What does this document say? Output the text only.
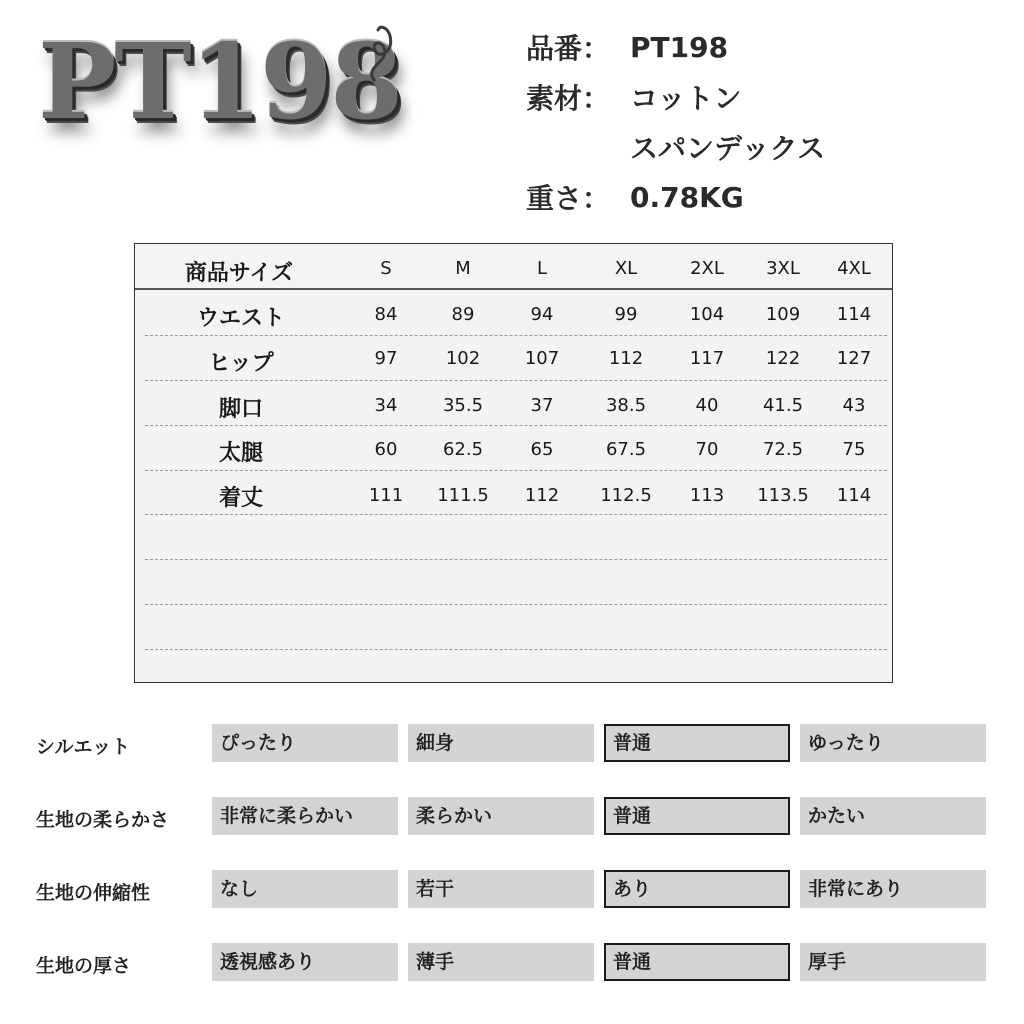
PT198	品番： PT198
素材： コットン
スパンデックス
重さ： 0.78KG
商品サイズ	S	M	L	XL	2XL 3XL 4XL
ウエスト	84	89	94	99	104 109 114
ヒップ	97	102 107	112	117 122 127
脚口	34	35.5	37	38.5	40 41.5 43
太腿	60	62.5	65	67.5	70 72.5 75
着丈	111 111.5 112 112.5 113 113.5 114
シルエット	ぴったり	細身	普通	ゆったり
生地の柔らかさ	非常に柔らかい	柔らかい	普通	かたい
生地の伸縮性	なし	若干	あり	非常にあり
生地の厚さ	透視感あり	薄手	普通	厚手
